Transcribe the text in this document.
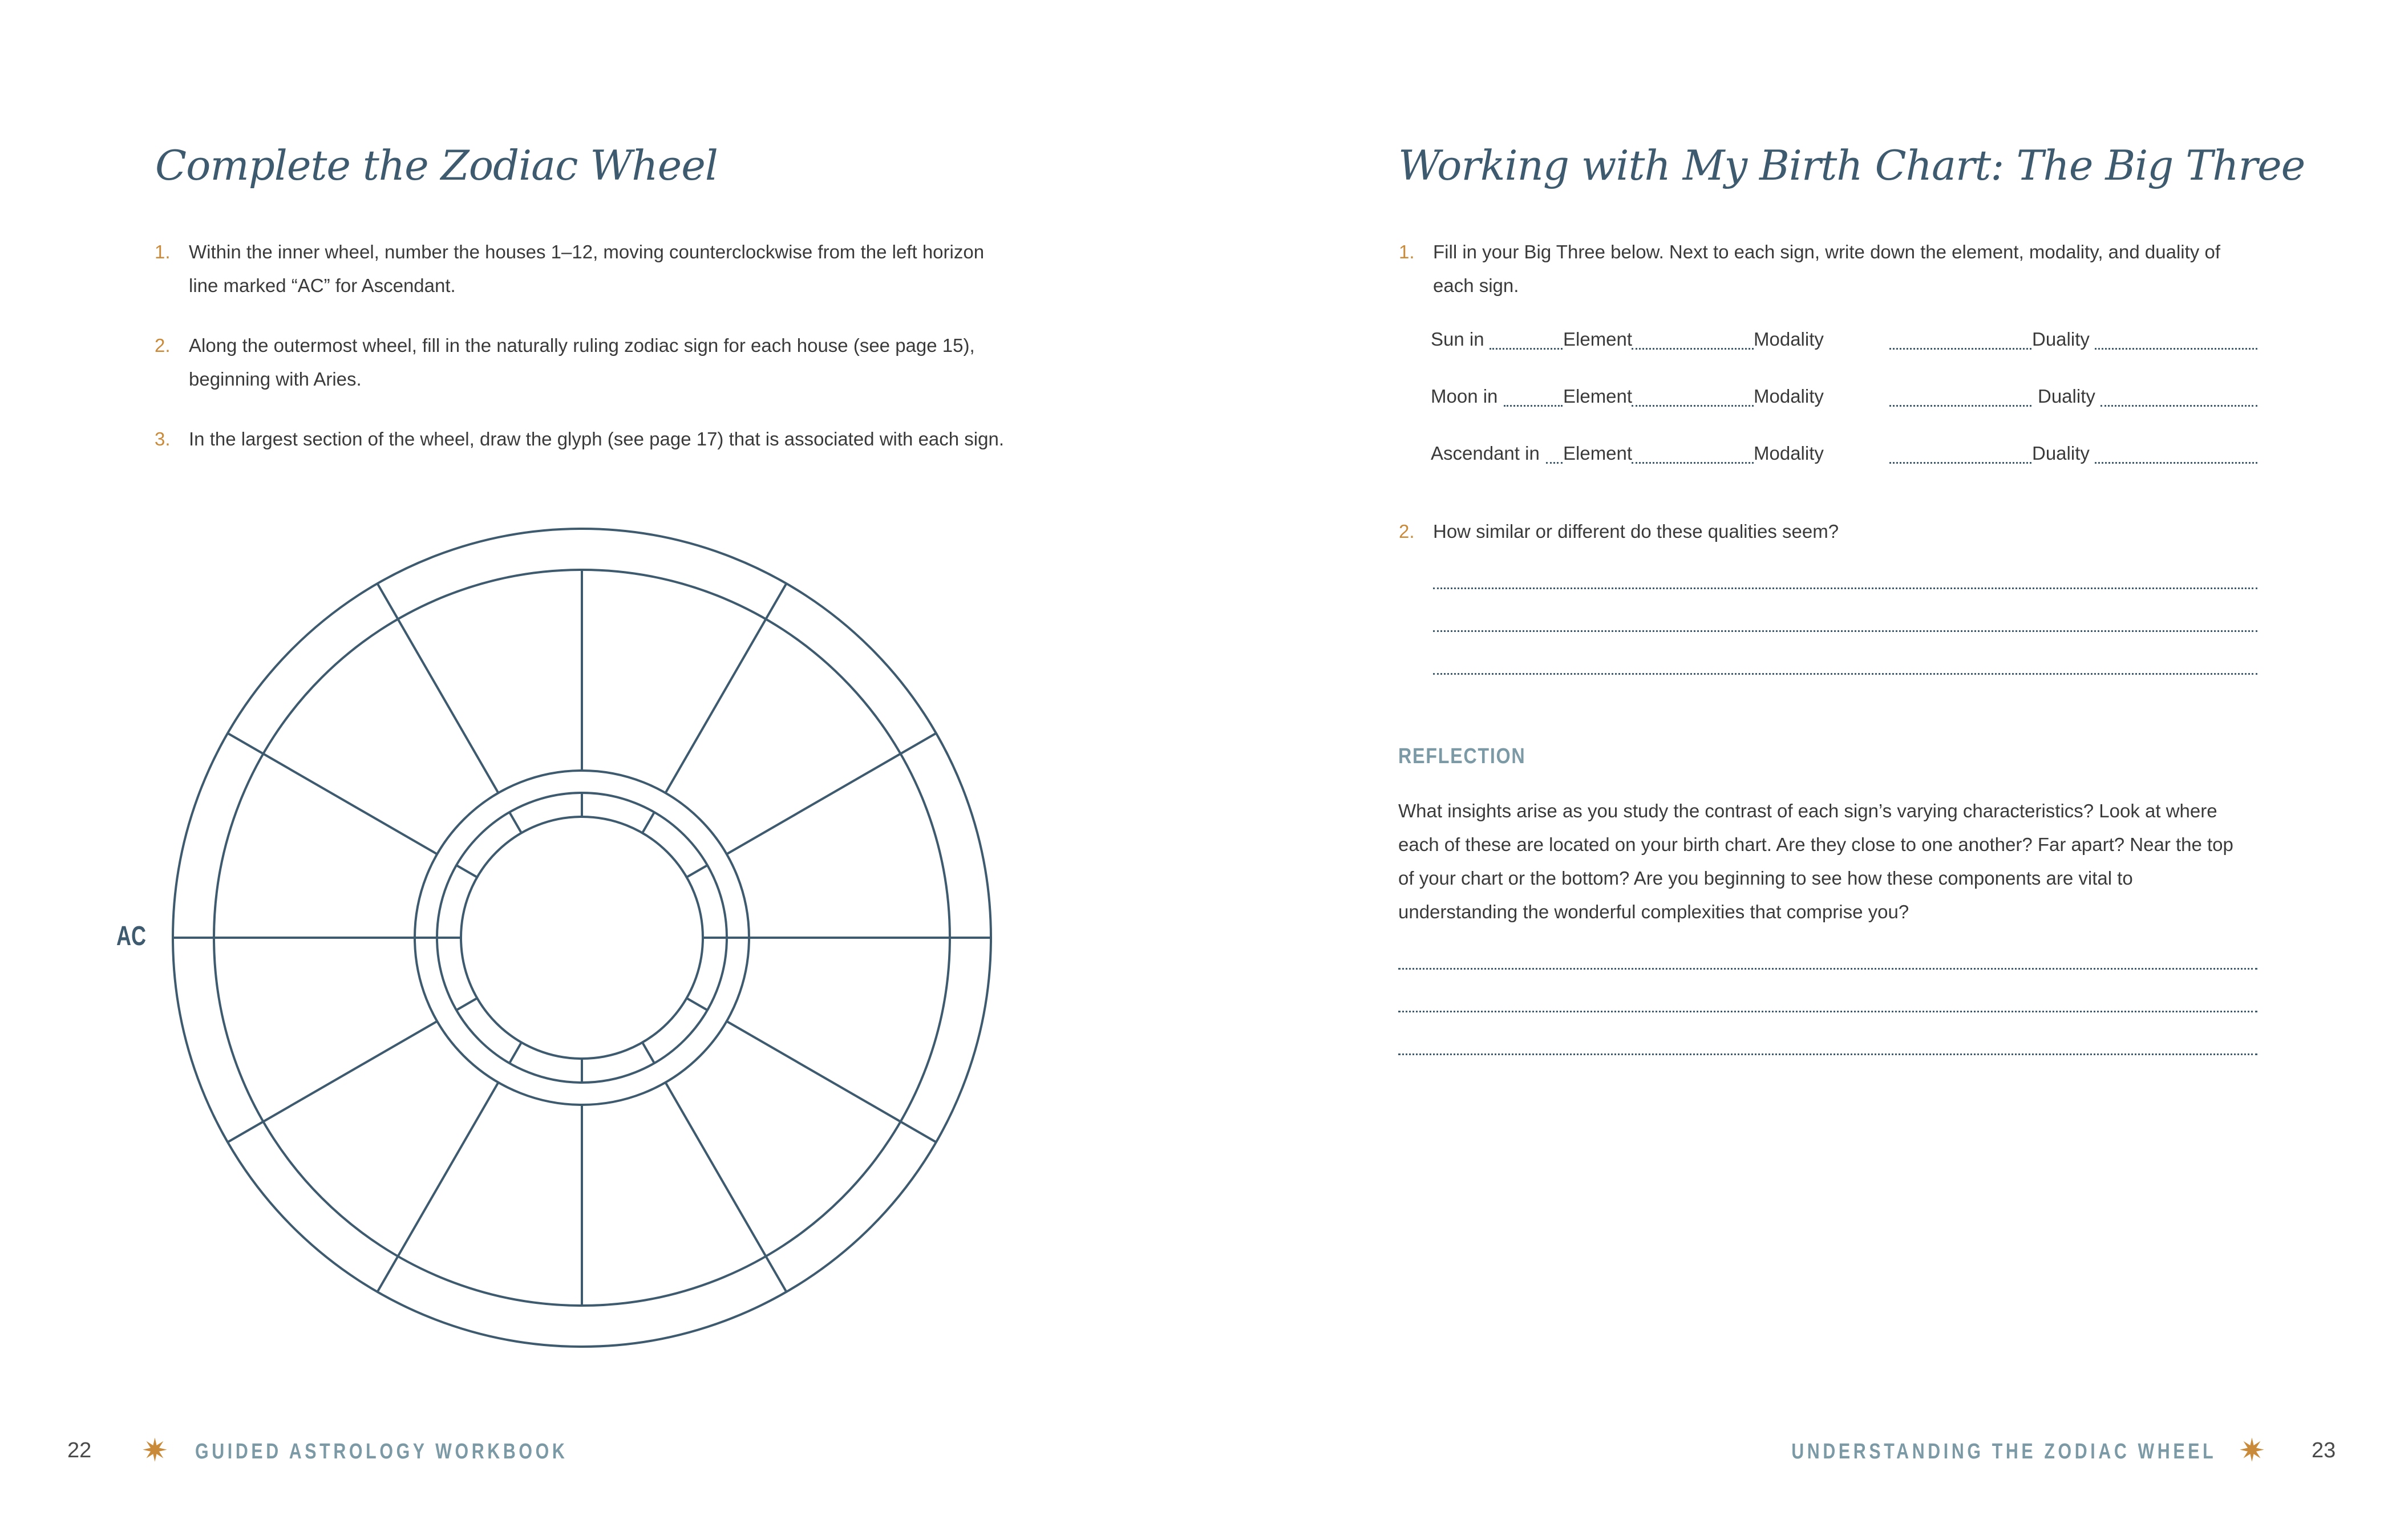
Complete the Zodiac Wheel
1. Within the inner wheel, number the houses 1–12, moving counterclockwise from the left horizon line marked “AC” for Ascendant.
2. Along the outermost wheel, fill in the naturally ruling zodiac sign for each house (see page 15), beginning with Aries.
3. In the largest section of the wheel, draw the glyph (see page 17) that is associated with each sign.
AC
Working with My Birth Chart: The Big Three
1. Fill in your Big Three below. Next to each sign, write down the element, modality, and duality of each sign.
Sun in	Element	Modality	Duality
Moon in	Element	Modality	Duality
Ascendant in Element	Modality	Duality
2. How similar or different do these qualities seem?
REFLECTION
What insights arise as you study the contrast of each sign’s varying characteristics? Look at where each of these are located on your birth chart. Are they close to one another? Far apart? Near the top of your chart or the bottom? Are you beginning to see how these components are vital to understanding the wonderful complexities that comprise you?
22 ✷ GUIDED ASTROLOGY WORKBOOK	UNDERSTANDING THE ZODIAC WHEEL ✷ 23
